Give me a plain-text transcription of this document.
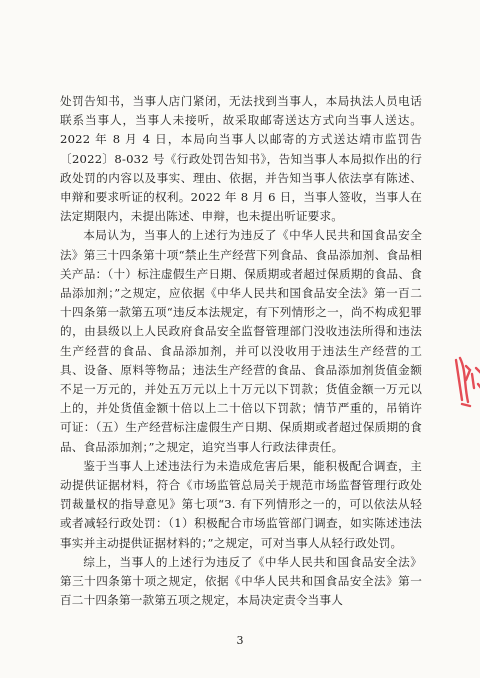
处罚告知书，当事人店门紧闭，无法找到当事人，本局执法人员电话联系当事人，当事人未接听，故采取邮寄送达方式向当事人送达。2022 年 8 月 4 日，本局向当事人以邮寄的方式送达靖市监罚告〔2022〕8-032 号《行政处罚告知书》，告知当事人本局拟作出的行政处罚的内容以及事实、理由、依据，并告知当事人依法享有陈述、申辩和要求听证的权利。2022 年 8 月 6 日，当事人签收，当事人在法定期限内，未提出陈述、申辩，也未提出听证要求。

本局认为，当事人的上述行为违反了《中华人民共和国食品安全法》第三十四条第十项“禁止生产经营下列食品、食品添加剂、食品相关产品：（十）标注虚假生产日期、保质期或者超过保质期的食品、食品添加剂；”之规定，应依据《中华人民共和国食品安全法》第一百二十四条第一款第五项“违反本法规定，有下列情形之一，尚不构成犯罪的，由县级以上人民政府食品安全监督管理部门没收违法所得和违法生产经营的食品、食品添加剂，并可以没收用于违法生产经营的工具、设备、原料等物品；违法生产经营的食品、食品添加剂货值金额不足一万元的，并处五万元以上十万元以下罚款；货值金额一万元以上的，并处货值金额十倍以上二十倍以下罚款；情节严重的，吊销许可证：（五）生产经营标注虚假生产日期、保质期或者超过保质期的食品、食品添加剂；”之规定，追究当事人行政法律责任。

鉴于当事人上述违法行为未造成危害后果，能积极配合调查，主动提供证据材料，符合《市场监管总局关于规范市场监督管理行政处罚裁量权的指导意见》第七项“3. 有下列情形之一的，可以依法从轻或者减轻行政处罚：（1）积极配合市场监管部门调查，如实陈述违法事实并主动提供证据材料的；”之规定，可对当事人从轻行政处罚。

综上，当事人的上述行为违反了《中华人民共和国食品安全法》第三十四条第十项之规定，依据《中华人民共和国食品安全法》第一百二十四条第一款第五项之规定，本局决定责令当事人

3
